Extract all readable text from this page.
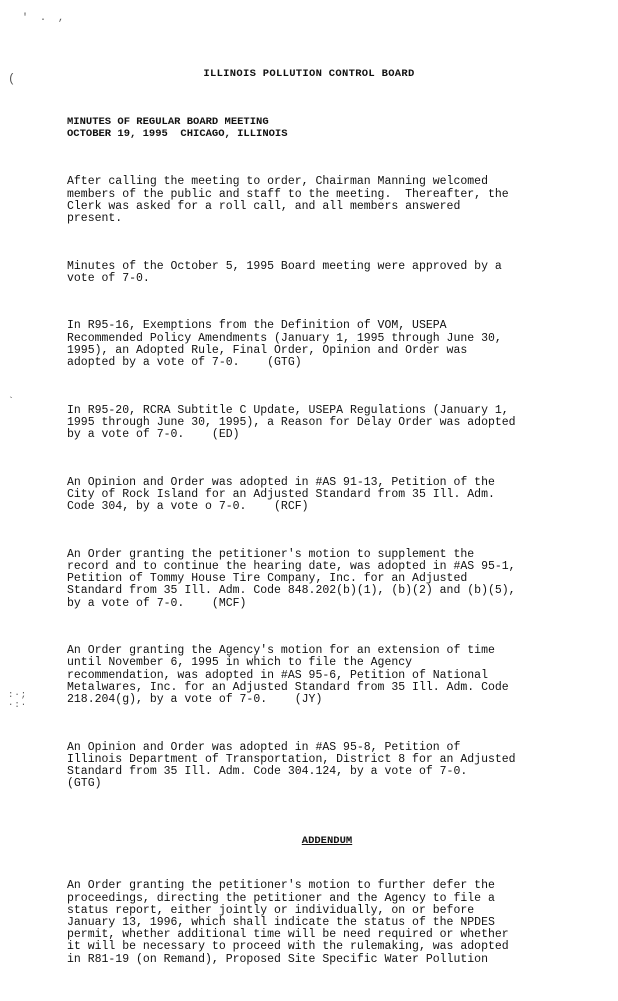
'  .  ,
(
`
:·;
·:·
ILLINOIS POLLUTION CONTROL BOARD
MINUTES OF REGULAR BOARD MEETING
OCTOBER 19, 1995  CHICAGO, ILLINOIS

After calling the meeting to order, Chairman Manning welcomed
members of the public and staff to the meeting.  Thereafter, the
Clerk was asked for a roll call, and all members answered
present.

Minutes of the October 5, 1995 Board meeting were approved by a
vote of 7-0.

In R95-16, Exemptions from the Definition of VOM, USEPA
Recommended Policy Amendments (January 1, 1995 through June 30,
1995), an Adopted Rule, Final Order, Opinion and Order was
adopted by a vote of 7-0.    (GTG)

In R95-20, RCRA Subtitle C Update, USEPA Regulations (January 1,
1995 through June 30, 1995), a Reason for Delay Order was adopted
by a vote of 7-0.    (ED)

An Opinion and Order was adopted in #AS 91-13, Petition of the
City of Rock Island for an Adjusted Standard from 35 Ill. Adm.
Code 304, by a vote o 7-0.    (RCF)

An Order granting the petitioner's motion to supplement the
record and to continue the hearing date, was adopted in #AS 95-1,
Petition of Tommy House Tire Company, Inc. for an Adjusted
Standard from 35 Ill. Adm. Code 848.202(b)(1), (b)(2) and (b)(5),
by a vote of 7-0.    (MCF)

An Order granting the Agency's motion for an extension of time
until November 6, 1995 in which to file the Agency
recommendation, was adopted in #AS 95-6, Petition of National
Metalwares, Inc. for an Adjusted Standard from 35 Ill. Adm. Code
218.204(g), by a vote of 7-0.    (JY)

An Opinion and Order was adopted in #AS 95-8, Petition of
Illinois Department of Transportation, District 8 for an Adjusted
Standard from 35 Ill. Adm. Code 304.124, by a vote of 7-0.
(GTG)

ADDENDUM

An Order granting the petitioner's motion to further defer the
proceedings, directing the petitioner and the Agency to file a
status report, either jointly or individually, on or before
January 13, 1996, which shall indicate the status of the NPDES
permit, whether additional time will be need required or whether
it will be necessary to proceed with the rulemaking, was adopted
in R81-19 (on Remand), Proposed Site Specific Water Pollution
